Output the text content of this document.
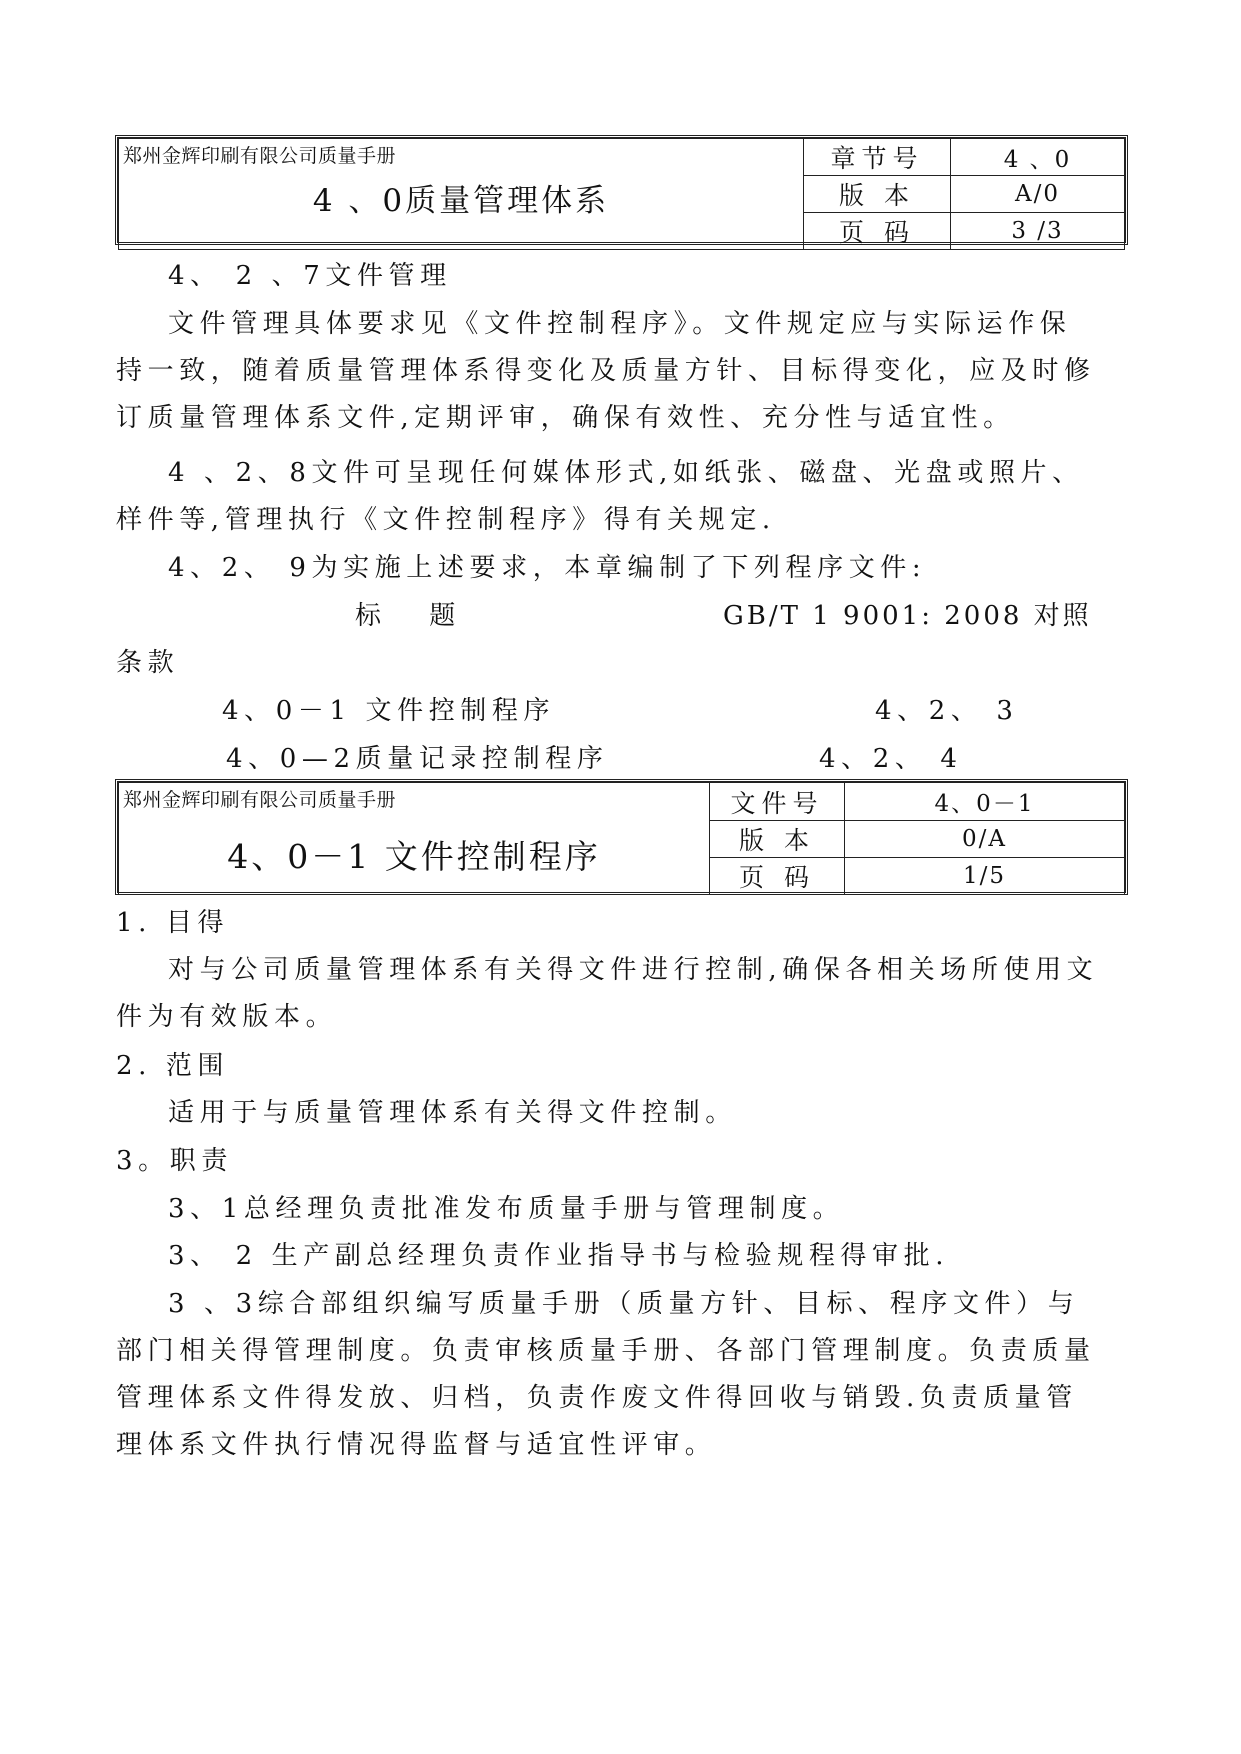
郑州金辉印刷有限公司质量手册
4 、0质量管理体系	章节号	4 、0
	版 本	A/0
	页 码	3 /3

4、 2 、7文件管理

文件管理具体要求见《文件控制程序》。文件规定应与实际运作保持一致，随着质量管理体系得变化及质量方针、目标得变化，应及时修订质量管理体系文件,定期评审，确保有效性、充分性与适宜性。

4 、2、8文件可呈现任何媒体形式,如纸张、磁盘、光盘或照片、样件等,管理执行《文件控制程序》得有关规定.

4、2、 9为实施上述要求，本章编制了下列程序文件:

标 题	GB/T 1 9001: 2008 对照

条款

4、0－1 文件控制程序	4、2、 3

4、0—2质量记录控制程序	4、2、 4

郑州金辉印刷有限公司质量手册
4、0－1 文件控制程序	文件号	4、0－1
	版 本	0/A
	页 码	1/5

1. 目得

对与公司质量管理体系有关得文件进行控制,确保各相关场所使用文件为有效版本。

2. 范围

适用于与质量管理体系有关得文件控制。

3。职责

3、1总经理负责批准发布质量手册与管理制度。

3、 2 生产副总经理负责作业指导书与检验规程得审批.

3 、3综合部组织编写质量手册（质量方针、目标、程序文件）与部门相关得管理制度。负责审核质量手册、各部门管理制度。负责质量管理体系文件得发放、归档，负责作废文件得回收与销毁.负责质量管理体系文件执行情况得监督与适宜性评审。
